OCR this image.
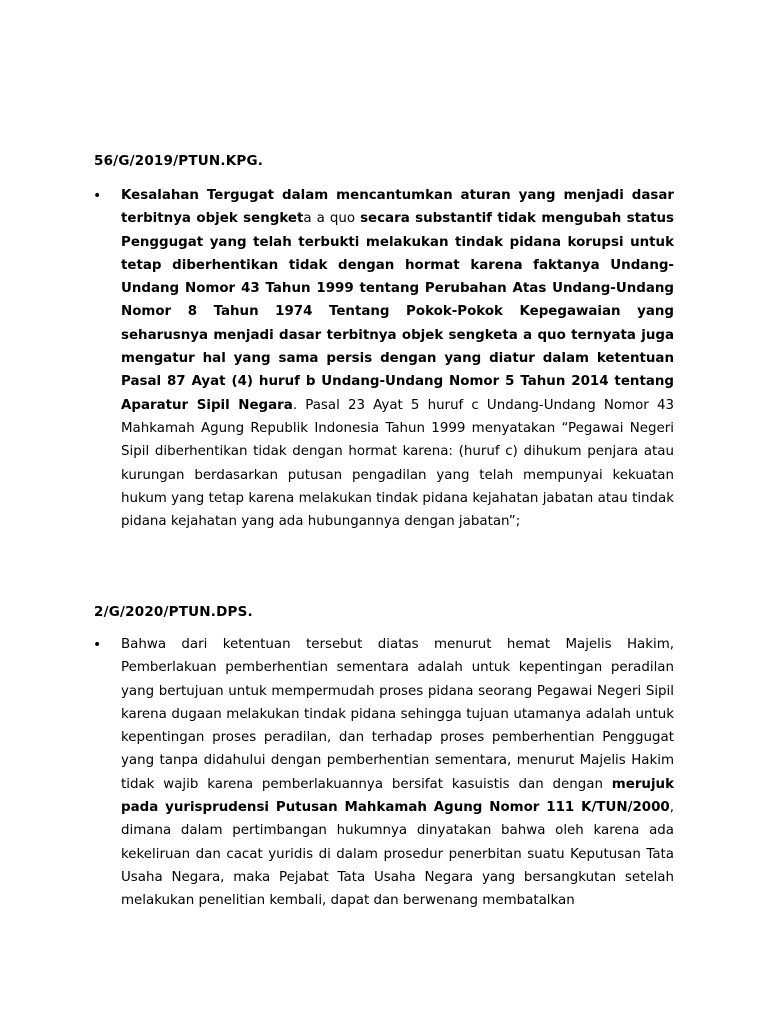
56/G/2019/PTUN.KPG.

• Kesalahan Tergugat dalam mencantumkan aturan yang menjadi dasar terbitnya objek sengketa a quo secara substantif tidak mengubah status Penggugat yang telah terbukti melakukan tindak pidana korupsi untuk tetap diberhentikan tidak dengan hormat karena faktanya Undang-Undang Nomor 43 Tahun 1999 tentang Perubahan Atas Undang-Undang Nomor 8 Tahun 1974 Tentang Pokok-Pokok Kepegawaian yang seharusnya menjadi dasar terbitnya objek sengketa a quo ternyata juga mengatur hal yang sama persis dengan yang diatur dalam ketentuan Pasal 87 Ayat (4) huruf b Undang-Undang Nomor 5 Tahun 2014 tentang Aparatur Sipil Negara. Pasal 23 Ayat 5 huruf c Undang-Undang Nomor 43 Mahkamah Agung Republik Indonesia Tahun 1999 menyatakan “Pegawai Negeri Sipil diberhentikan tidak dengan hormat karena: (huruf c) dihukum penjara atau kurungan berdasarkan putusan pengadilan yang telah mempunyai kekuatan hukum yang tetap karena melakukan tindak pidana kejahatan jabatan atau tindak pidana kejahatan yang ada hubungannya dengan jabatan”;

2/G/2020/PTUN.DPS.

• Bahwa dari ketentuan tersebut diatas menurut hemat Majelis Hakim, Pemberlakuan pemberhentian sementara adalah untuk kepentingan peradilan yang bertujuan untuk mempermudah proses pidana seorang Pegawai Negeri Sipil karena dugaan melakukan tindak pidana sehingga tujuan utamanya adalah untuk kepentingan proses peradilan, dan terhadap proses pemberhentian Penggugat yang tanpa didahului dengan pemberhentian sementara, menurut Majelis Hakim tidak wajib karena pemberlakuannya bersifat kasuistis dan dengan merujuk pada yurisprudensi Putusan Mahkamah Agung Nomor 111 K/TUN/2000, dimana dalam pertimbangan hukumnya dinyatakan bahwa oleh karena ada kekeliruan dan cacat yuridis di dalam prosedur penerbitan suatu Keputusan Tata Usaha Negara, maka Pejabat Tata Usaha Negara yang bersangkutan setelah melakukan penelitian kembali, dapat dan berwenang membatalkan
